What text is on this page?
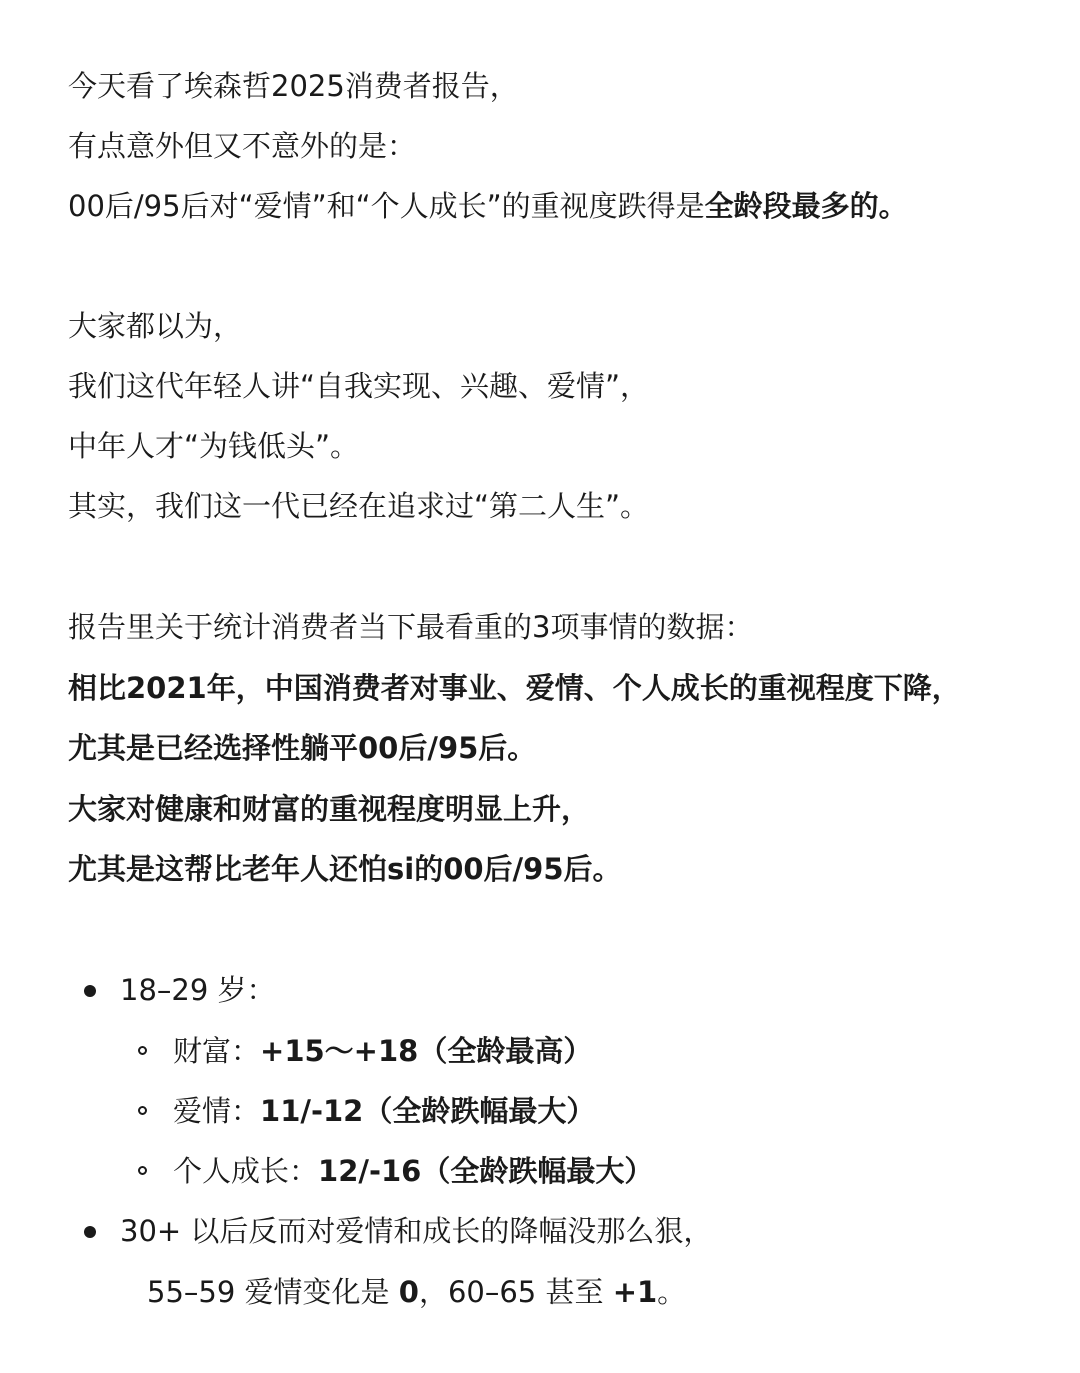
今天看了埃森哲2025消费者报告，
有点意外但又不意外的是：
00后/95后对“爱情”和“个人成长”的重视度跌得是全龄段最多的。
大家都以为，
我们这代年轻人讲“自我实现、兴趣、爱情”，
中年人才“为钱低头”。
其实，我们这一代已经在追求过“第二人生”。
报告里关于统计消费者当下最看重的3项事情的数据：
相比2021年，中国消费者对事业、爱情、个人成长的重视程度下降，
尤其是已经选择性躺平00后/95后。
大家对健康和财富的重视程度明显上升，
尤其是这帮比老年人还怕si的00后/95后。
18–29 岁：
财富：+15～+18（全龄最高）
爱情：11/-12（全龄跌幅最大）
个人成长：12/-16（全龄跌幅最大）
30+ 以后反而对爱情和成长的降幅没那么狠，
55–59 爱情变化是 0，60–65 甚至 +1。
